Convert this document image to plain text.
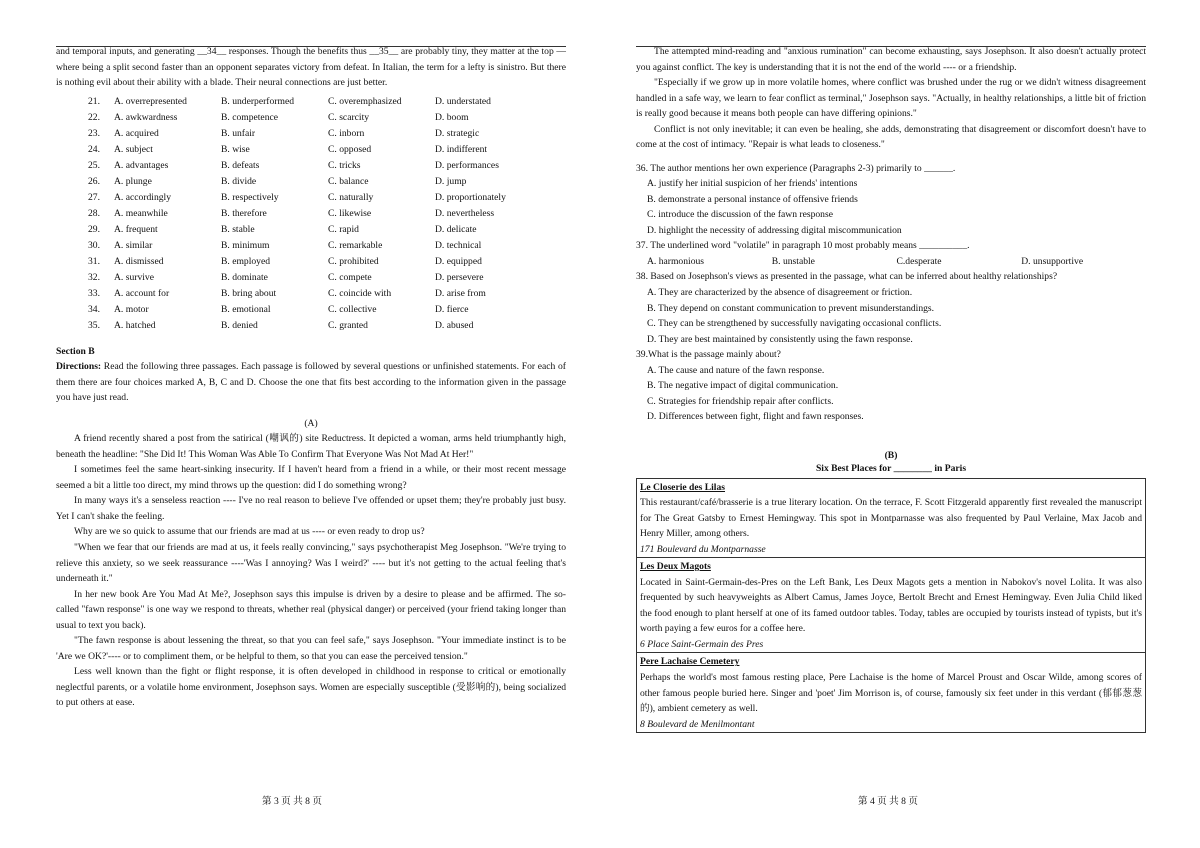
and temporal inputs, and generating __34__ responses. Though the benefits thus __35__ are probably tiny, they matter at the top — where being a split second faster than an opponent separates victory from defeat. In Italian, the term for a lefty is sinistro. But there is nothing evil about their ability with a blade. Their neural connections are just better.

21.	A. overrepresented	B. underperformed	C. overemphasized	D. understated
22.	A. awkwardness	B. competence	C. scarcity	D. boom
23.	A. acquired	B. unfair	C. inborn	D. strategic
24.	A. subject	B. wise	C. opposed	D. indifferent
25.	A. advantages	B. defeats	C. tricks	D. performances
26.	A. plunge	B. divide	C. balance	D. jump
27.	A. accordingly	B. respectively	C. naturally	D. proportionately
28.	A. meanwhile	B. therefore	C. likewise	D. nevertheless
29.	A. frequent	B. stable	C. rapid	D. delicate
30.	A. similar	B. minimum	C. remarkable	D. technical
31.	A. dismissed	B. employed	C. prohibited	D. equipped
32.	A. survive	B. dominate	C. compete	D. persevere
33.	A. account for	B. bring about	C. coincide with	D. arise from
34.	A. motor	B. emotional	C. collective	D. fierce
35.	A. hatched	B. denied	C. granted	D. abused
Section B

Directions: Read the following three passages. Each passage is followed by several questions or unfinished statements. For each of them there are four choices marked A, B, C and D. Choose the one that fits best according to the information given in the passage you have just read.

(A)

A friend recently shared a post from the satirical (嘲讽的) site Reductress. It depicted a woman, arms held triumphantly high, beneath the headline: "She Did It! This Woman Was Able To Confirm That Everyone Was Not Mad At Her!"

I sometimes feel the same heart-sinking insecurity. If I haven't heard from a friend in a while, or their most recent message seemed a bit a little too direct, my mind throws up the question: did I do something wrong?

In many ways it's a senseless reaction ---- I've no real reason to believe I've offended or upset them; they're probably just busy. Yet I can't shake the feeling.

Why are we so quick to assume that our friends are mad at us ---- or even ready to drop us?

"When we fear that our friends are mad at us, it feels really convincing," says psychotherapist Meg Josephson. "We're trying to relieve this anxiety, so we seek reassurance ----'Was I annoying? Was I weird?' ---- but it's not getting to the actual feeling that's underneath it."

In her new book Are You Mad At Me?, Josephson says this impulse is driven by a desire to please and be affirmed. The so-called "fawn response" is one way we respond to threats, whether real (physical danger) or perceived (your friend taking longer than usual to text you back).

"The fawn response is about lessening the threat, so that you can feel safe," says Josephson. "Your immediate instinct is to be 'Are we OK?'---- or to compliment them, or be helpful to them, so that you can ease the perceived tension."

Less well known than the fight or flight response, it is often developed in childhood in response to critical or emotionally neglectful parents, or a volatile home environment, Josephson says. Women are especially susceptible (受影响的), being socialized to put others at ease.

第 3 页 共 8 页

The attempted mind-reading and "anxious rumination" can become exhausting, says Josephson. It also doesn't actually protect you against conflict. The key is understanding that it is not the end of the world ---- or a friendship.

"Especially if we grow up in more volatile homes, where conflict was brushed under the rug or we didn't witness disagreement handled in a safe way, we learn to fear conflict as terminal," Josephson says. "Actually, in healthy relationships, a little bit of friction is really good because it means both people can have differing opinions."

Conflict is not only inevitable; it can even be healing, she adds, demonstrating that disagreement or discomfort doesn't have to come at the cost of intimacy. "Repair is what leads to closeness."

36. The author mentions her own experience (Paragraphs 2-3) primarily to ______.
A. justify her initial suspicion of her friends' intentions
B. demonstrate a personal instance of offensive friends
C. introduce the discussion of the fawn response
D. highlight the necessity of addressing digital miscommunication
37. The underlined word "volatile" in paragraph 10 most probably means __________.
A. harmonious	B. unstable	C.desperate	D. unsupportive
38. Based on Josephson's views as presented in the passage, what can be inferred about healthy relationships?
A. They are characterized by the absence of disagreement or friction.
B. They depend on constant communication to prevent misunderstandings.
C. They can be strengthened by successfully navigating occasional conflicts.
D. They are best maintained by consistently using the fawn response.
39.What is the passage mainly about?
A. The cause and nature of the fawn response.
B. The negative impact of digital communication.
C. Strategies for friendship repair after conflicts.
D. Differences between fight, flight and fawn responses.
(B)
Six Best Places for ________ in Paris
Le Closerie des Lilas

This restaurant/café/brasserie is a true literary location. On the terrace, F. Scott Fitzgerald apparently first revealed the manuscript for The Great Gatsby to Ernest Hemingway. This spot in Montparnasse was also frequented by Paul Verlaine, Max Jacob and Henry Miller, among others.

171 Boulevard du Montparnasse
Les Deux Magots

Located in Saint-Germain-des-Pres on the Left Bank, Les Deux Magots gets a mention in Nabokov's novel Lolita. It was also frequented by such heavyweights as Albert Camus, James Joyce, Bertolt Brecht and Ernest Hemingway. Even Julia Child liked the food enough to plant herself at one of its famed outdoor tables. Today, tables are occupied by tourists instead of typists, but it's worth paying a few euros for a coffee here.

6 Place Saint-Germain des Pres
Pere Lachaise Cemetery

Perhaps the world's most famous resting place, Pere Lachaise is the home of Marcel Proust and Oscar Wilde, among scores of other famous people buried here. Singer and 'poet' Jim Morrison is, of course, famously six feet under in this verdant (郁郁葱葱的), ambient cemetery as well.

8 Boulevard de Menilmontant
第 4 页 共 8 页
